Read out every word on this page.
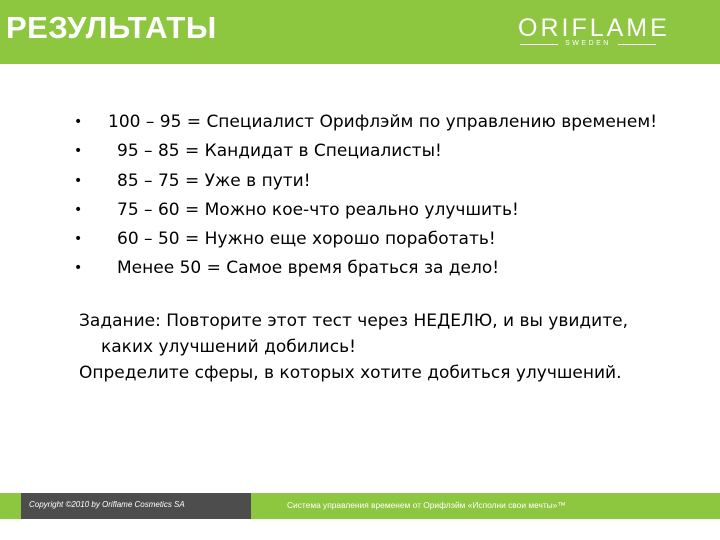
РЕЗУЛЬТАТЫ	ORIFLAME
SWEDEN
• 100 – 95 = Специалист Орифлэйм по управлению временем!
• 95 – 85 = Кандидат в Специалисты!
• 85 – 75 = Уже в пути!
• 75 – 60 = Можно кое-что реально улучшить!
• 60 – 50 = Нужно еще хорошо поработать!
• Менее 50 = Самое время браться за дело!
Задание: Повторите этот тест через НЕДЕЛЮ, и вы увидите,
каких улучшений добились!
Определите сферы, в которых хотите добиться улучшений.
Copyright ©2010 by Oriflame Cosmetics SA	Система управления временем от Орифлэйм «Исполни свои мечты»™
